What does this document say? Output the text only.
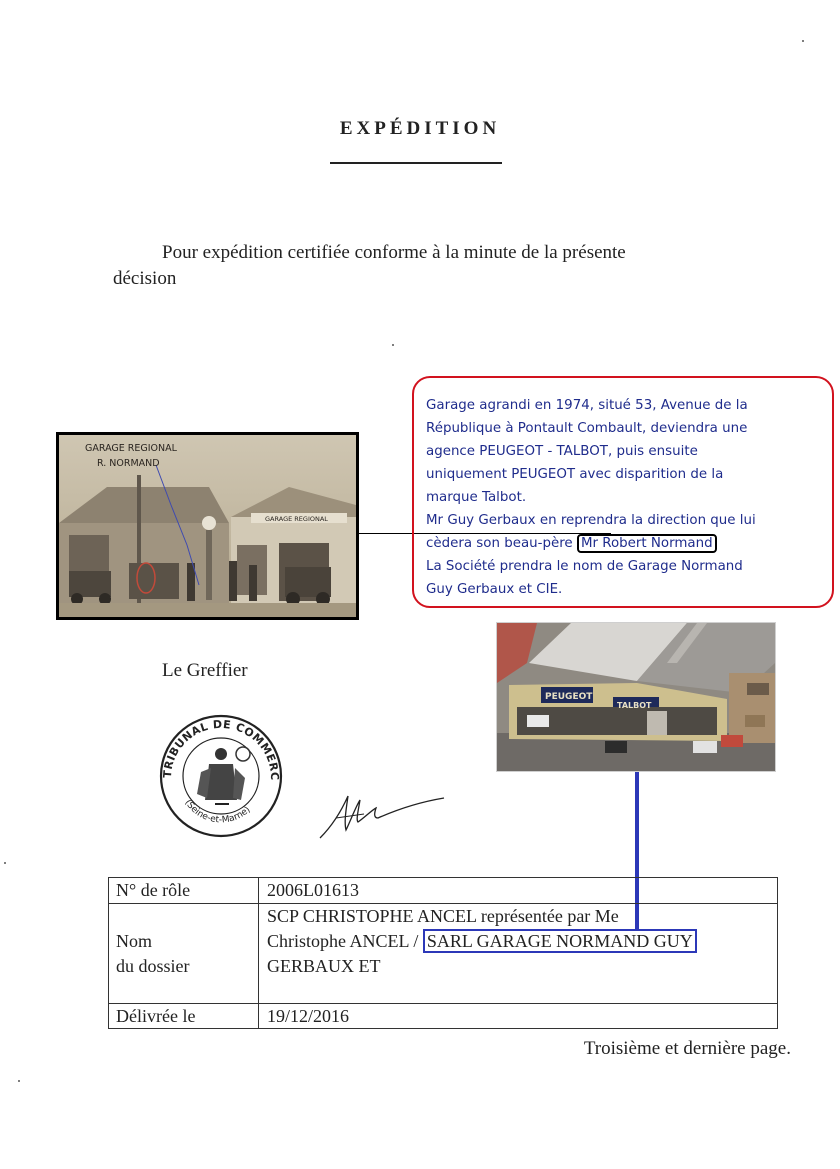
EXPÉDITION
Pour expédition certifiée conforme à la minute de la présente
décision
GARAGE REGIONAL
R. NORMAND
GARAGE REGIONAL
Garage agrandi en 1974, situé 53, Avenue de la
République à Pontault Combault, deviendra une
agence PEUGEOT - TALBOT, puis ensuite
uniquement PEUGEOT avec disparition de la
marque Talbot.
Mr Guy Gerbaux en reprendra la direction que lui
cèdera son beau-père Mr Robert Normand
La Société prendra le nom de Garage Normand
Guy Gerbaux et CIE.
PEUGEOT
TALBOT
Le Greffier
TRIBUNAL DE COMMERC
(Seine-et-Marne)
N° de rôle	2006L01613
Nom
du dossier	SCP CHRISTOPHE ANCEL représentée par Me
Christophe ANCEL / SARL GARAGE NORMAND GUY
GERBAUX ET
Délivrée le	19/12/2016
Troisième et dernière page.
